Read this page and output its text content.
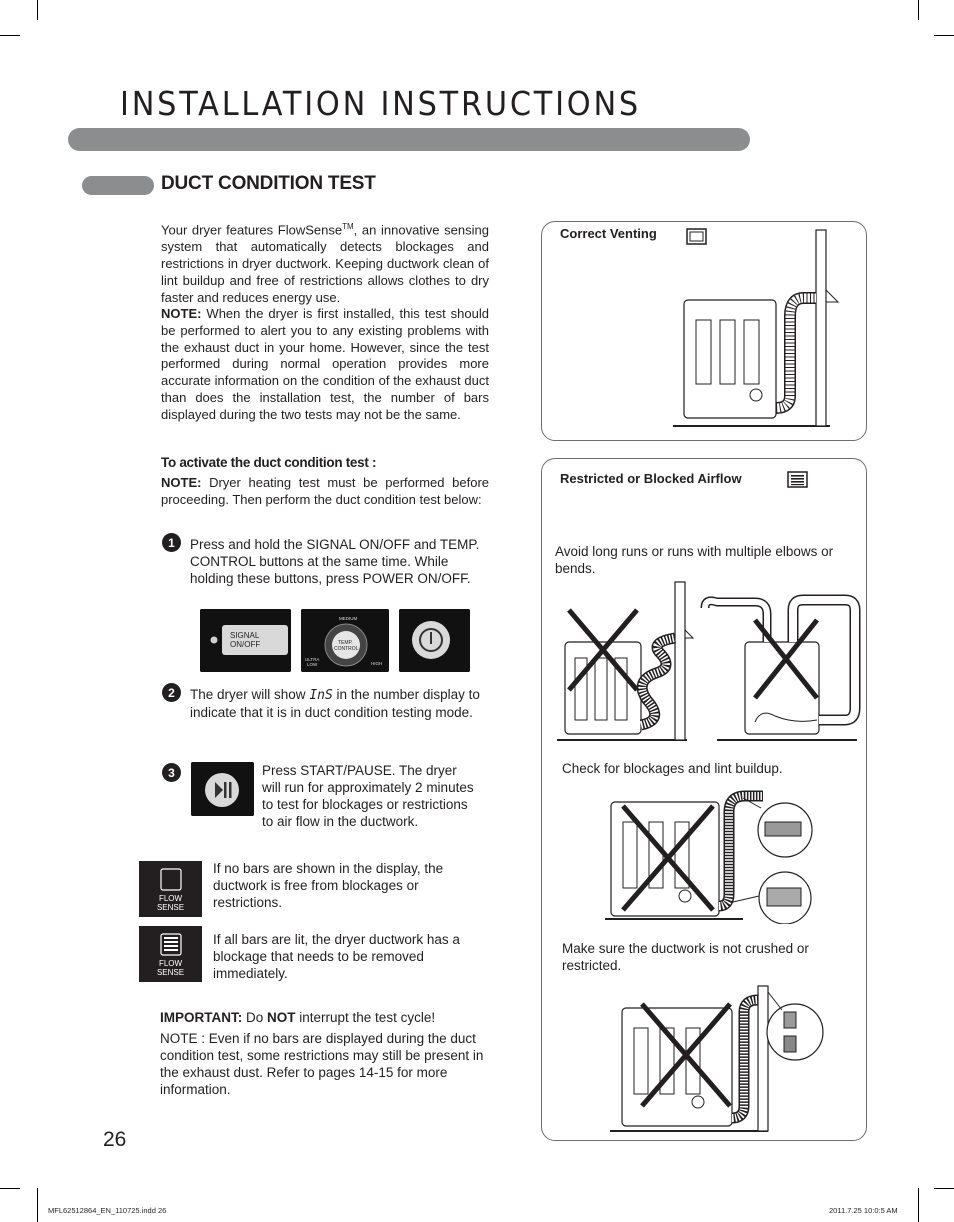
INSTALLATION INSTRUCTIONS
DUCT CONDITION TEST
Your dryer features FlowSense™, an innovative sensing system that automatically detects blockages and restrictions in dryer ductwork. Keeping ductwork clean of lint buildup and free of restrictions allows clothes to dry faster and reduces energy use.
NOTE: When the dryer is first installed, this test should be performed to alert you to any existing problems with the exhaust duct in your home. However, since the test performed during normal operation provides more accurate information on the condition of the exhaust duct than does the installation test, the number of bars displayed during the two tests may not be the same.
To activate the duct condition test :
NOTE: Dryer heating test must be performed before proceeding. Then perform the duct condition test below:
1	Press and hold the SIGNAL ON/OFF and TEMP. CONTROL buttons at the same time. While holding these buttons, press POWER ON/OFF.
SIGNAL
ON/OFF
MEDIUM
TEMP.
CONTROL
ULTRA
LOW	HIGH
2	The dryer will show InS in the number display to indicate that it is in duct condition testing mode.
3	Press START/PAUSE. The dryer will run for approximately 2 minutes to test for blockages or restrictions to air flow in the ductwork.
FLOW
SENSE
If no bars are shown in the display, the ductwork is free from blockages or restrictions.
FLOW
SENSE
If all bars are lit, the dryer ductwork has a blockage that needs to be removed immediately.
IMPORTANT: Do NOT interrupt the test cycle!
NOTE : Even if no bars are displayed during the duct condition test, some restrictions may still be present in the exhaust dust. Refer to pages 14-15 for more information.
26
MFL62512864_EN_110725.indd 26	2011.7.25 10:0:5 AM
Correct Venting
Restricted or Blocked Airflow
Avoid long runs or runs with multiple elbows or bends.
Check for blockages and lint buildup.
Make sure the ductwork is not crushed or restricted.
